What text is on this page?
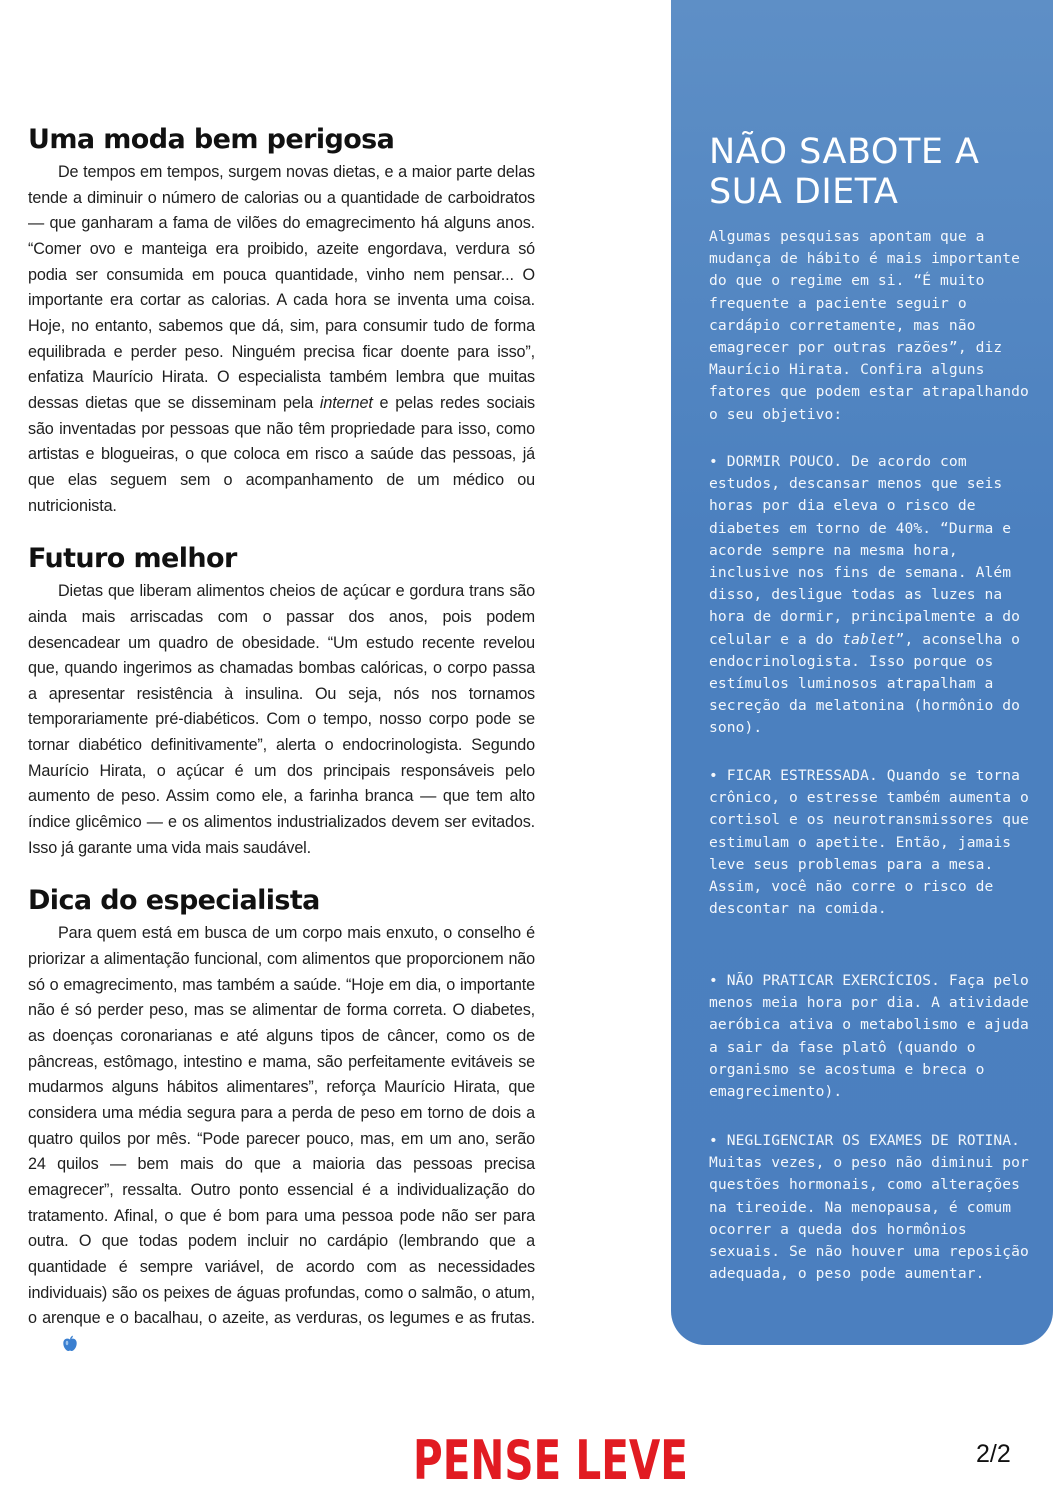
Uma moda bem perigosa

De tempos em tempos, surgem novas dietas, e a maior parte delas tende a diminuir o número de calorias ou a quantidade de carboidratos — que ganharam a fama de vilões do emagrecimento há alguns anos. “Comer ovo e manteiga era proibido, azeite engordava, verdura só podia ser consumida em pouca quantidade, vinho nem pensar... O importante era cortar as calorias. A cada hora se inventa uma coisa. Hoje, no entanto, sabemos que dá, sim, para consumir tudo de forma equilibrada e perder peso. Ninguém precisa ficar doente para isso”, enfatiza Maurício Hirata. O especialista também lembra que muitas dessas dietas que se disseminam pela internet e pelas redes sociais são inventadas por pessoas que não têm propriedade para isso, como artistas e blogueiras, o que coloca em risco a saúde das pessoas, já que elas seguem sem o acompanhamento de um médico ou nutricionista.

Futuro melhor

Dietas que liberam alimentos cheios de açúcar e gordura trans são ainda mais arriscadas com o passar dos anos, pois podem desencadear um quadro de obesidade. “Um estudo recente revelou que, quando ingerimos as chamadas bombas calóricas, o corpo passa a apresentar resistência à insulina. Ou seja, nós nos tornamos temporariamente pré-diabéticos. Com o tempo, nosso corpo pode se tornar diabético definitivamente”, alerta o endocrinologista. Segundo Maurício Hirata, o açúcar é um dos principais responsáveis pelo aumento de peso. Assim como ele, a farinha branca — que tem alto índice glicêmico — e os alimentos industrializados devem ser evitados. Isso já garante uma vida mais saudável.

Dica do especialista

Para quem está em busca de um corpo mais enxuto, o conselho é priorizar a alimentação funcional, com alimentos que proporcionem não só o emagrecimento, mas também a saúde. “Hoje em dia, o importante não é só perder peso, mas se alimentar de forma correta. O diabetes, as doenças coronarianas e até alguns tipos de câncer, como os de pâncreas, estômago, intestino e mama, são perfeitamente evitáveis se mudarmos alguns hábitos alimentares”, reforça Maurício Hirata, que considera uma média segura para a perda de peso em torno de dois a quatro quilos por mês. “Pode parecer pouco, mas, em um ano, serão 24 quilos — bem mais do que a maioria das pessoas precisa emagrecer”, ressalta. Outro ponto essencial é a individualização do tratamento. Afinal, o que é bom para uma pessoa pode não ser para outra. O que todas podem incluir no cardápio (lembrando que a quantidade é sempre variável, de acordo com as necessidades individuais) são os peixes de águas profundas, como o salmão, o atum, o arenque e o bacalhau, o azeite, as verduras, os legumes e as frutas.

NÃO SABOTE A SUA DIETA

Algumas pesquisas apontam que a mudança de hábito é mais importante do que o regime em si. “É muito frequente a paciente seguir o cardápio corretamente, mas não emagrecer por outras razões”, diz Maurício Hirata. Confira alguns fatores que podem estar atrapalhando o seu objetivo:

• DORMIR POUCO. De acordo com estudos, descansar menos que seis horas por dia eleva o risco de diabetes em torno de 40%. “Durma e acorde sempre na mesma hora, inclusive nos fins de semana. Além disso, desligue todas as luzes na hora de dormir, principalmente a do celular e a do tablet”, aconselha o endocrinologista. Isso porque os estímulos luminosos atrapalham a secreção da melatonina (hormônio do sono).

• FICAR ESTRESSADA. Quando se torna crônico, o estresse também aumenta o cortisol e os neurotransmissores que estimulam o apetite. Então, jamais leve seus problemas para a mesa. Assim, você não corre o risco de descontar na comida.

• NÃO PRATICAR EXERCÍCIOS. Faça pelo menos meia hora por dia. A atividade aeróbica ativa o metabolismo e ajuda a sair da fase platô (quando o organismo se acostuma e breca o emagrecimento).

• NEGLIGENCIAR OS EXAMES DE ROTINA. Muitas vezes, o peso não diminui por questões hormonais, como alterações na tireoide. Na menopausa, é comum ocorrer a queda dos hormônios sexuais. Se não houver uma reposição adequada, o peso pode aumentar.

PENSE LEVE	2/2
